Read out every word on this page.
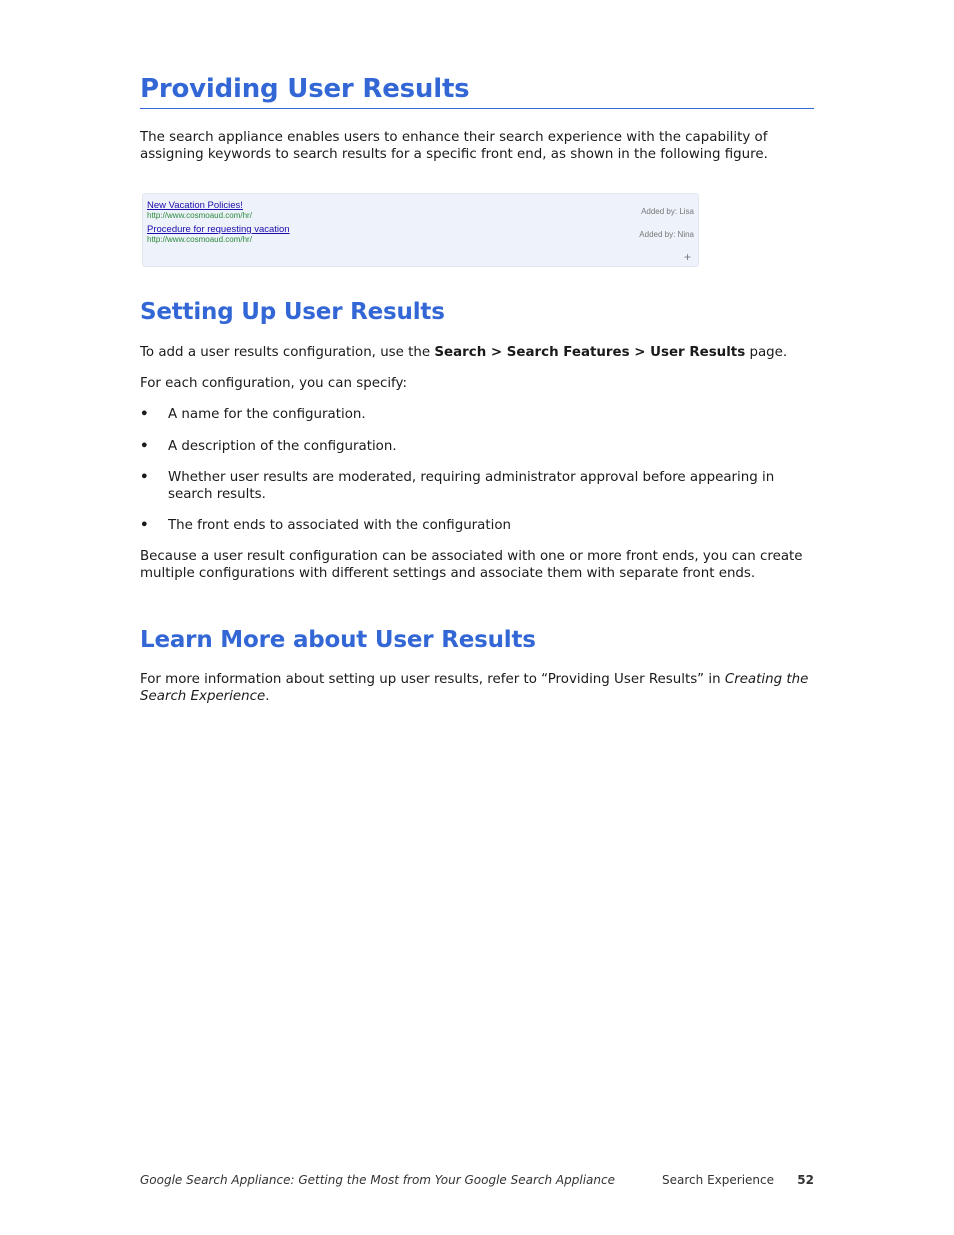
Providing User Results

The search appliance enables users to enhance their search experience with the capability of assigning keywords to search results for a specific front end, as shown in the following figure.

Setting Up User Results

To add a user results configuration, use the Search > Search Features > User Results page.

For each configuration, you can specify:

• A name for the configuration.
• A description of the configuration.
• Whether user results are moderated, requiring administrator approval before appearing in search results.
• The front ends to associated with the configuration

Because a user result configuration can be associated with one or more front ends, you can create multiple configurations with different settings and associate them with separate front ends.

Learn More about User Results

For more information about setting up user results, refer to “Providing User Results” in Creating the Search Experience.

New Vacation Policies!
http://www.cosmoaud.com/hr/	Added by: Lisa
Procedure for requesting vacation
http://www.cosmoaud.com/hr/
Added by: Nina
+
Google Search Appliance: Getting the Most from Your Google Search Appliance	Search Experience 52
